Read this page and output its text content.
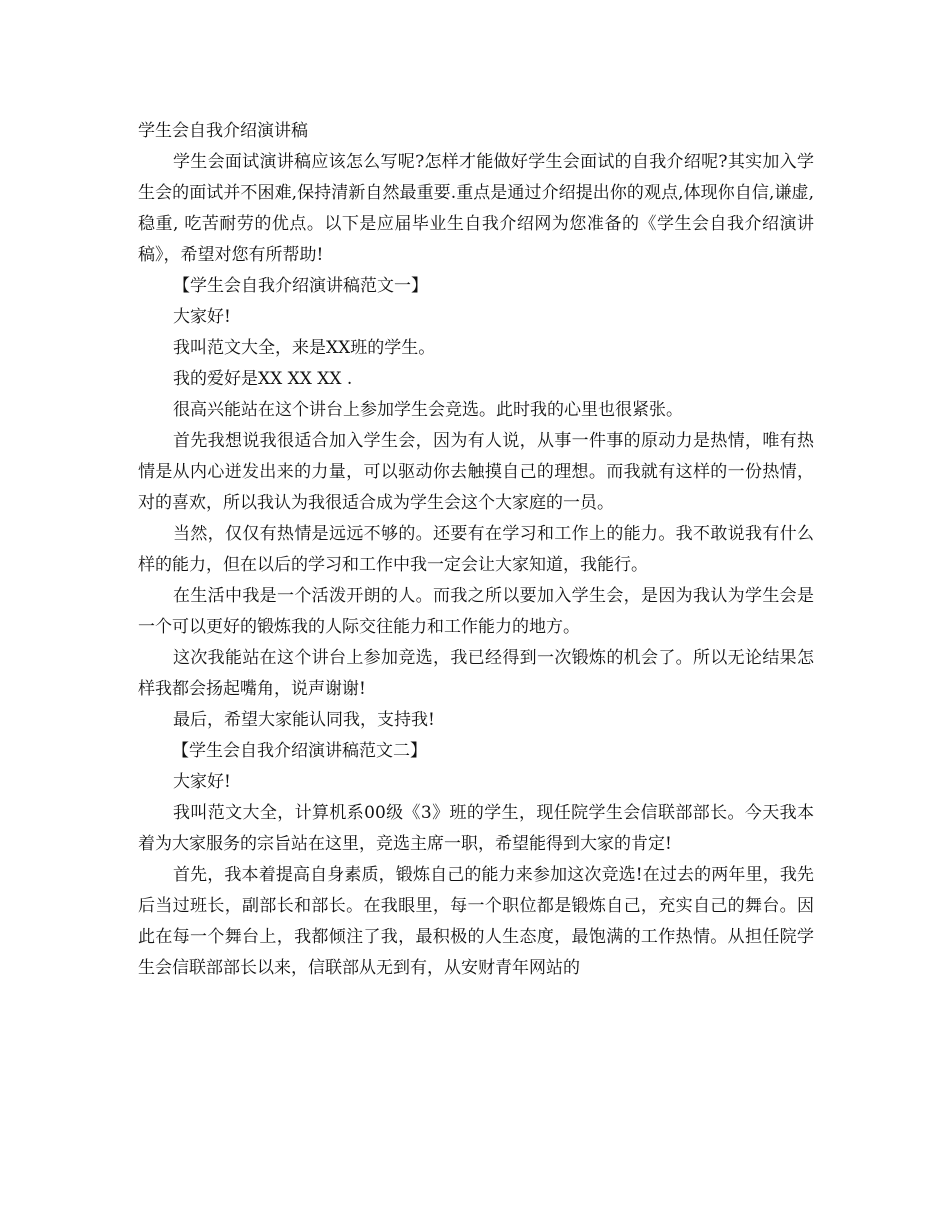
学生会自我介绍演讲稿

学生会面试演讲稿应该怎么写呢?怎样才能做好学生会面试的自我介绍呢?其实加入学生会的面试并不困难,保持清新自然最重要.重点是通过介绍提出你的观点,体现你自信,谦虚,稳重, 吃苦耐劳的优点。以下是应届毕业生自我介绍网为您准备的《学生会自我介绍演讲稿》，希望对您有所帮助!

【学生会自我介绍演讲稿范文一】

大家好!

我叫范文大全，来是XX班的学生。

我的爱好是XX XX XX .

很高兴能站在这个讲台上参加学生会竞选。此时我的心里也很紧张。

首先我想说我很适合加入学生会，因为有人说，从事一件事的原动力是热情，唯有热情是从内心迸发出来的力量，可以驱动你去触摸自己的理想。而我就有这样的一份热情，对的喜欢，所以我认为我很适合成为学生会这个大家庭的一员。

当然，仅仅有热情是远远不够的。还要有在学习和工作上的能力。我不敢说我有什么样的能力，但在以后的学习和工作中我一定会让大家知道，我能行。

在生活中我是一个活泼开朗的人。而我之所以要加入学生会，是因为我认为学生会是一个可以更好的锻炼我的人际交往能力和工作能力的地方。

这次我能站在这个讲台上参加竞选，我已经得到一次锻炼的机会了。所以无论结果怎样我都会扬起嘴角，说声谢谢!

最后，希望大家能认同我，支持我!

【学生会自我介绍演讲稿范文二】

大家好!

我叫范文大全，计算机系00级《3》班的学生，现任院学生会信联部部长。今天我本着为大家服务的宗旨站在这里，竞选主席一职，希望能得到大家的肯定!

首先，我本着提高自身素质，锻炼自己的能力来参加这次竞选!在过去的两年里，我先后当过班长，副部长和部长。在我眼里，每一个职位都是锻炼自己，充实自己的舞台。因此在每一个舞台上，我都倾注了我，最积极的人生态度，最饱满的工作热情。从担任院学生会信联部部长以来，信联部从无到有，从安财青年网站的
